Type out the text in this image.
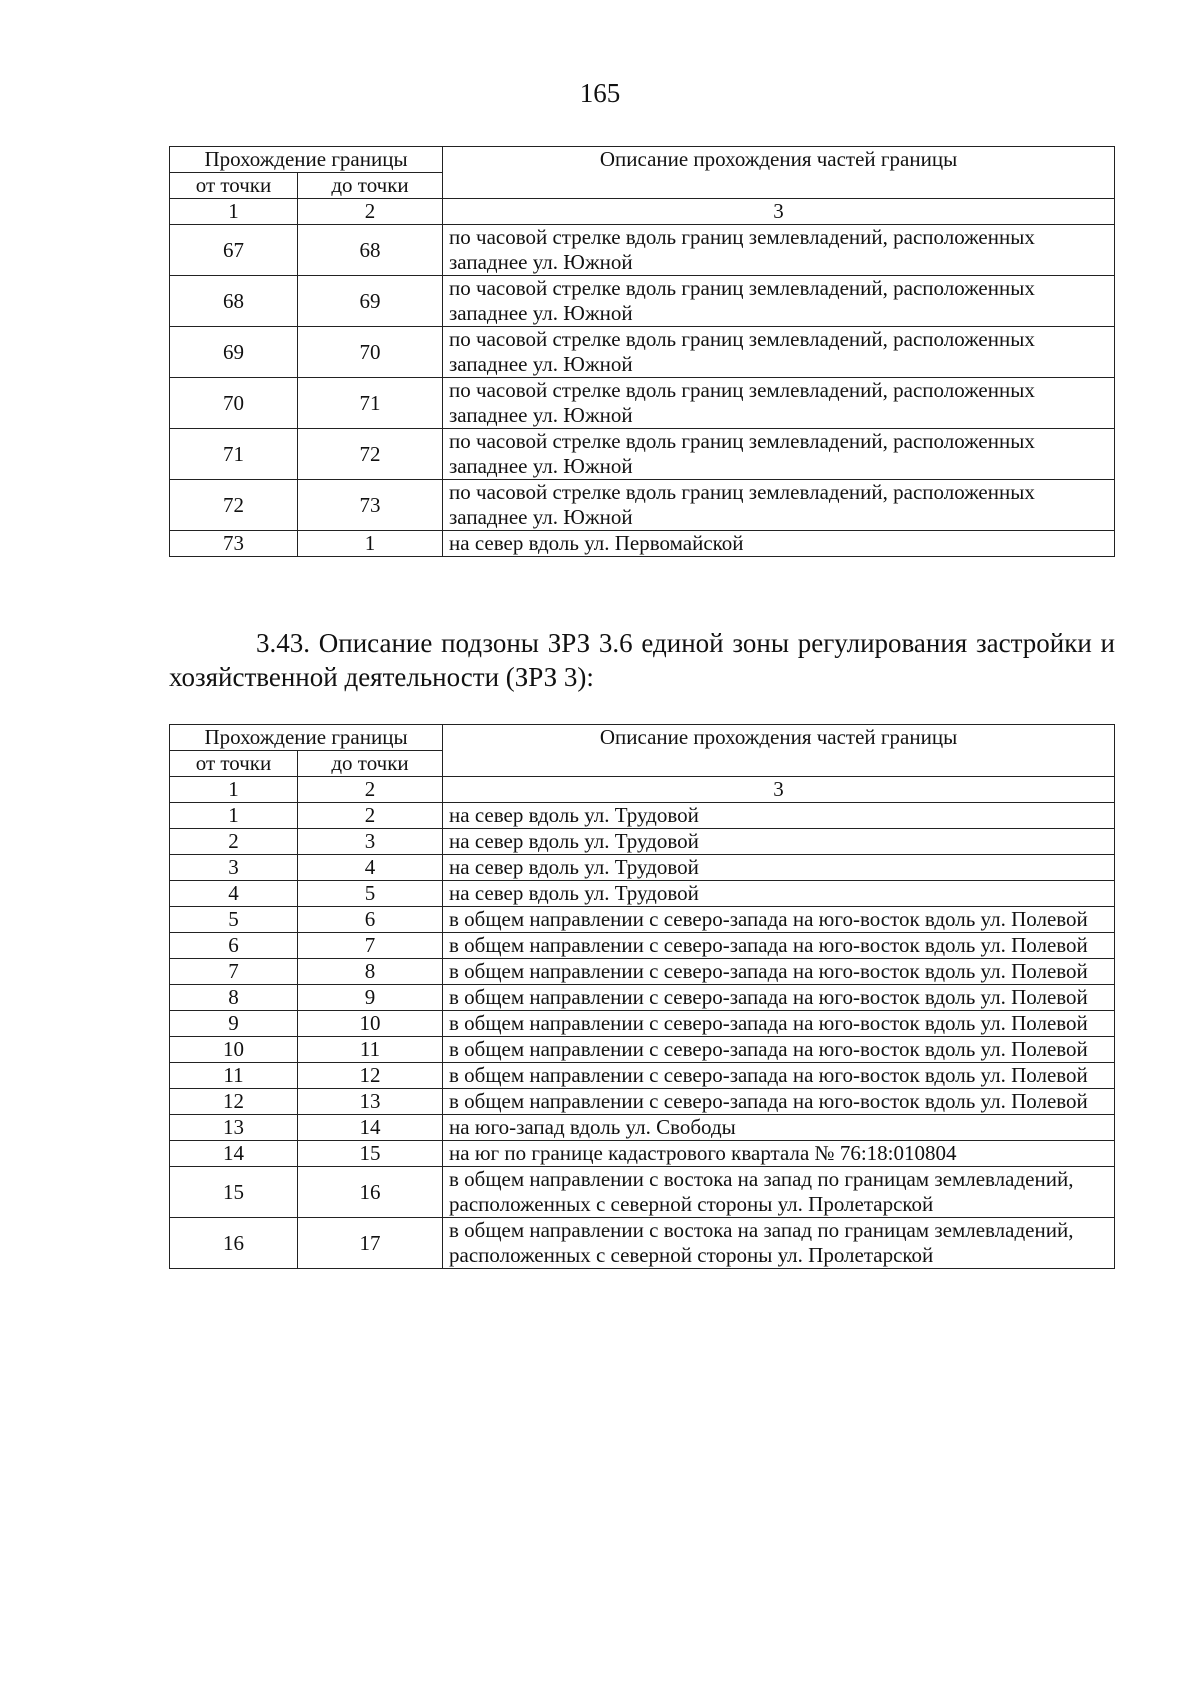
165
Прохождение границы		Описание прохождения частей границы
от точки	до точки	
1	2	3
67	68	по часовой стрелке вдоль границ землевладений, расположенных западнее ул. Южной
68	69	по часовой стрелке вдоль границ землевладений, расположенных западнее ул. Южной
69	70	по часовой стрелке вдоль границ землевладений, расположенных западнее ул. Южной
70	71	по часовой стрелке вдоль границ землевладений, расположенных западнее ул. Южной
71	72	по часовой стрелке вдоль границ землевладений, расположенных западнее ул. Южной
72	73	по часовой стрелке вдоль границ землевладений, расположенных западнее ул. Южной
73	1	на север вдоль ул. Первомайской
3.43. Описание подзоны ЗРЗ 3.6 единой зоны регулирования застройки и хозяйственной деятельности (ЗРЗ 3):
Прохождение границы		Описание прохождения частей границы
от точки	до точки	
1	2	3
1	2	на север вдоль ул. Трудовой
2	3	на север вдоль ул. Трудовой
3	4	на север вдоль ул. Трудовой
4	5	на север вдоль ул. Трудовой
5	6	в общем направлении с северо-запада на юго-восток вдоль ул. Полевой
6	7	в общем направлении с северо-запада на юго-восток вдоль ул. Полевой
7	8	в общем направлении с северо-запада на юго-восток вдоль ул. Полевой
8	9	в общем направлении с северо-запада на юго-восток вдоль ул. Полевой
9	10	в общем направлении с северо-запада на юго-восток вдоль ул. Полевой
10	11	в общем направлении с северо-запада на юго-восток вдоль ул. Полевой
11	12	в общем направлении с северо-запада на юго-восток вдоль ул. Полевой
12	13	в общем направлении с северо-запада на юго-восток вдоль ул. Полевой
13	14	на юго-запад вдоль ул. Свободы
14	15	на юг по границе кадастрового квартала № 76:18:010804
15	16	в общем направлении с востока на запад по границам землевладений, расположенных с северной стороны ул. Пролетарской
16	17	в общем направлении с востока на запад по границам землевладений, расположенных с северной стороны ул. Пролетарской
